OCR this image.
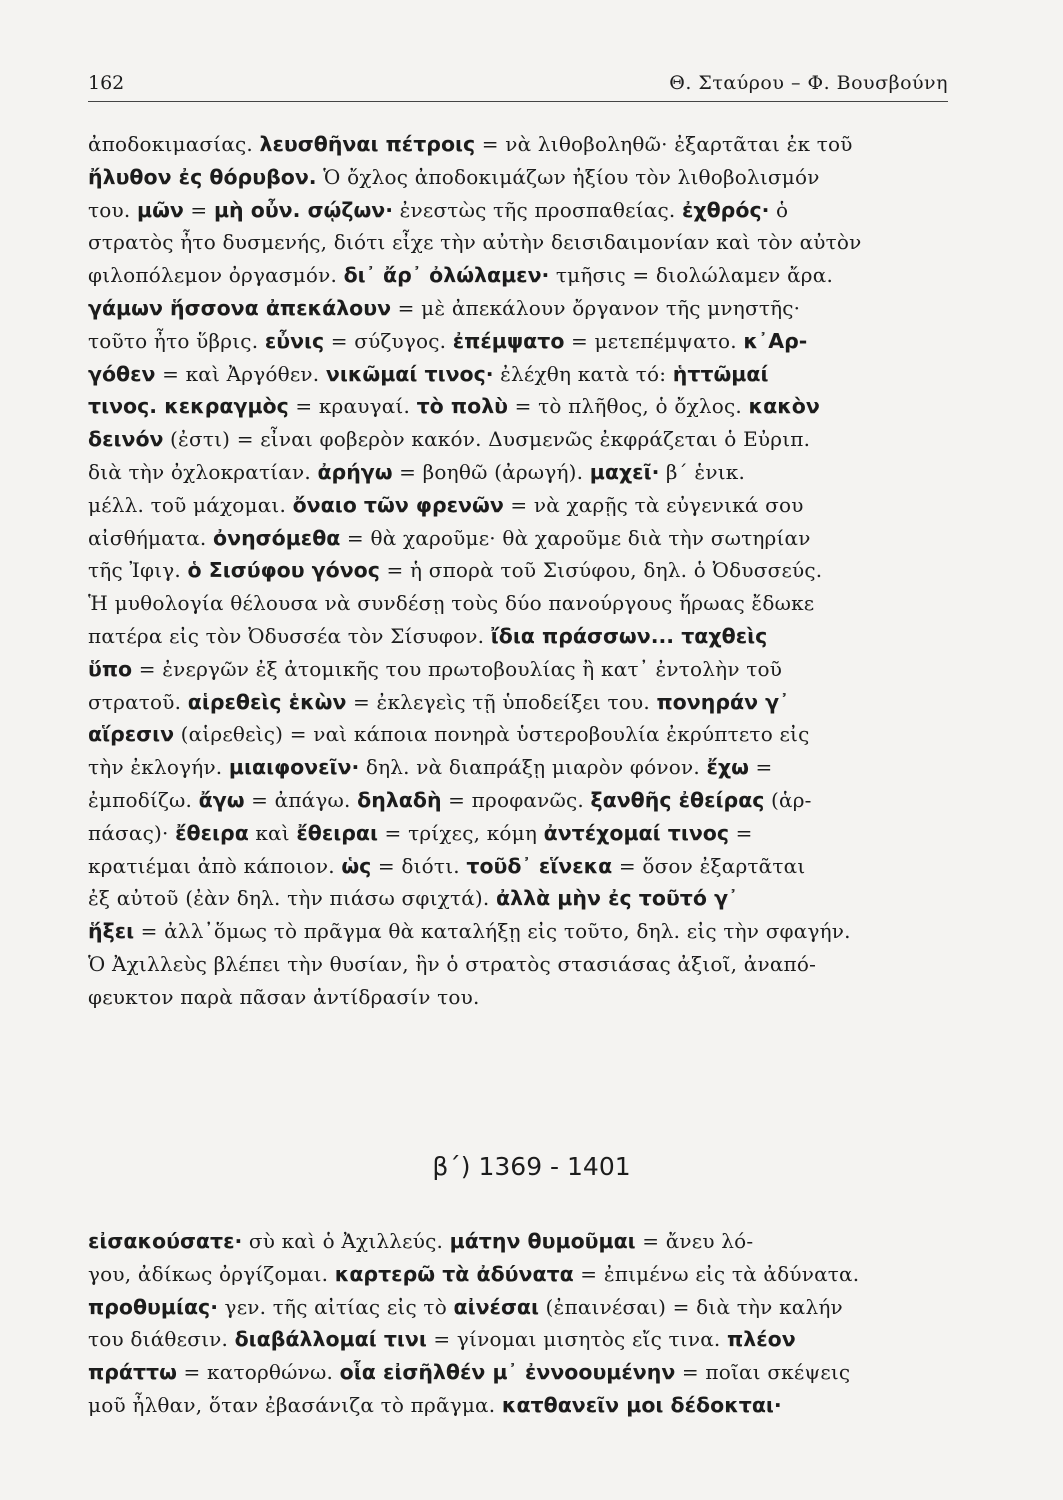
162	Θ. Σταύρου – Φ. Βουσβούνη
ἀποδοκιμασίας. λευσθῆναι πέτροις = νὰ λιθοβοληθῶ· ἐξαρτᾶται ἐκ τοῦ
ἤλυθον ἐς θόρυβον. Ὁ ὄχλος ἀποδοκιμάζων ἠξίου τὸν λιθοβολισμόν
του. μῶν = μὴ οὖν. σῴζων· ἐνεστὼς τῆς προσπαθείας. ἐχθρός· ὁ
στρατὸς ἦτο δυσμενής, διότι εἶχε τὴν αὐτὴν δεισιδαιμονίαν καὶ τὸν αὐτὸν
φιλοπόλεμον ὀργασμόν. δι᾽ ἄρ᾽ ὀλώλαμεν· τμῆσις = διολώλαμεν ἄρα.
γάμων ἥσσονα ἀπεκάλουν = μὲ ἀπεκάλουν ὄργανον τῆς μνηστῆς·
τοῦτο ἦτο ὕβρις. εὖνις = σύζυγος. ἐπέμψατο = μετεπέμψατο. κ᾽Αρ-
γόθεν = καὶ Ἀργόθεν. νικῶμαί τινος· ἐλέχθη κατὰ τό: ἡττῶμαί
τινος. κεκραγμὸς = κραυγαί. τὸ πολὺ = τὸ πλῆθος, ὁ ὄχλος. κακὸν
δεινόν (ἐστι) = εἶναι φοβερὸν κακόν. Δυσμενῶς ἐκφράζεται ὁ Εὐριπ.
διὰ τὴν ὀχλοκρατίαν. ἀρήγω = βοηθῶ (ἀρωγή). μαχεῖ· β΄ ἑνικ.
μέλλ. τοῦ μάχομαι. ὄναιο τῶν φρενῶν = νὰ χαρῇς τὰ εὐγενικά σου
αἰσθήματα. ὀνησόμεθα = θὰ χαροῦμε· θὰ χαροῦμε διὰ τὴν σωτηρίαν
τῆς Ἰφιγ. ὁ Σισύφου γόνος = ἡ σπορὰ τοῦ Σισύφου, δηλ. ὁ Ὀδυσσεύς.
Ἡ μυθολογία θέλουσα νὰ συνδέσῃ τοὺς δύο πανούργους ἥρωας ἔδωκε
πατέρα εἰς τὸν Ὀδυσσέα τὸν Σίσυφον. ἴδια πράσσων... ταχθεὶς
ὕπο = ἐνεργῶν ἐξ ἀτομικῆς του πρωτοβουλίας ἢ κατ᾽ ἐντολὴν τοῦ
στρατοῦ. αἱρεθεὶς ἑκὼν = ἐκλεγεὶς τῇ ὑποδείξει του. πονηράν γ᾽
αἵρεσιν (αἱρεθεὶς) = ναὶ κάποια πονηρὰ ὑστεροβουλία ἐκρύπτετο εἰς
τὴν ἐκλογήν. μιαιφονεῖν· δηλ. νὰ διαπράξῃ μιαρὸν φόνον. ἔχω =
ἐμποδίζω. ἄγω = ἀπάγω. δηλαδὴ = προφανῶς. ξανθῆς ἐθείρας (ἁρ-
πάσας)· ἔθειρα καὶ ἔθειραι = τρίχες, κόμη ἀντέχομαί τινος =
κρατιέμαι ἀπὸ κάποιον. ὡς = διότι. τοῦδ᾽ εἵνεκα = ὅσον ἐξαρτᾶται
ἐξ αὐτοῦ (ἐὰν δηλ. τὴν πιάσω σφιχτά). ἀλλὰ μὴν ἐς τοῦτό γ᾽
ἥξει = ἀλλ᾽ὅμως τὸ πρᾶγμα θὰ καταλήξῃ εἰς τοῦτο, δηλ. εἰς τὴν σφαγήν.
Ὁ Ἀχιλλεὺς βλέπει τὴν θυσίαν, ἣν ὁ στρατὸς στασιάσας ἀξιοῖ, ἀναπό-
φευκτον παρὰ πᾶσαν ἀντίδρασίν του.
β΄) 1369 - 1401
εἰσακούσατε· σὺ καὶ ὁ Ἀχιλλεύς. μάτην θυμοῦμαι = ἄνευ λό-
γου, ἀδίκως ὀργίζομαι. καρτερῶ τὰ ἀδύνατα = ἐπιμένω εἰς τὰ ἀδύνατα.
προθυμίας· γεν. τῆς αἰτίας εἰς τὸ αἰνέσαι (ἐπαινέσαι) = διὰ τὴν καλήν
του διάθεσιν. διαβάλλομαί τινι = γίνομαι μισητὸς εἴς τινα. πλέον
πράττω = κατορθώνω. οἷα εἰσῆλθέν μ᾽ ἐννοουμένην = ποῖαι σκέψεις
μοῦ ἦλθαν, ὅταν ἐβασάνιζα τὸ πρᾶγμα. κατθανεῖν μοι δέδοκται·
